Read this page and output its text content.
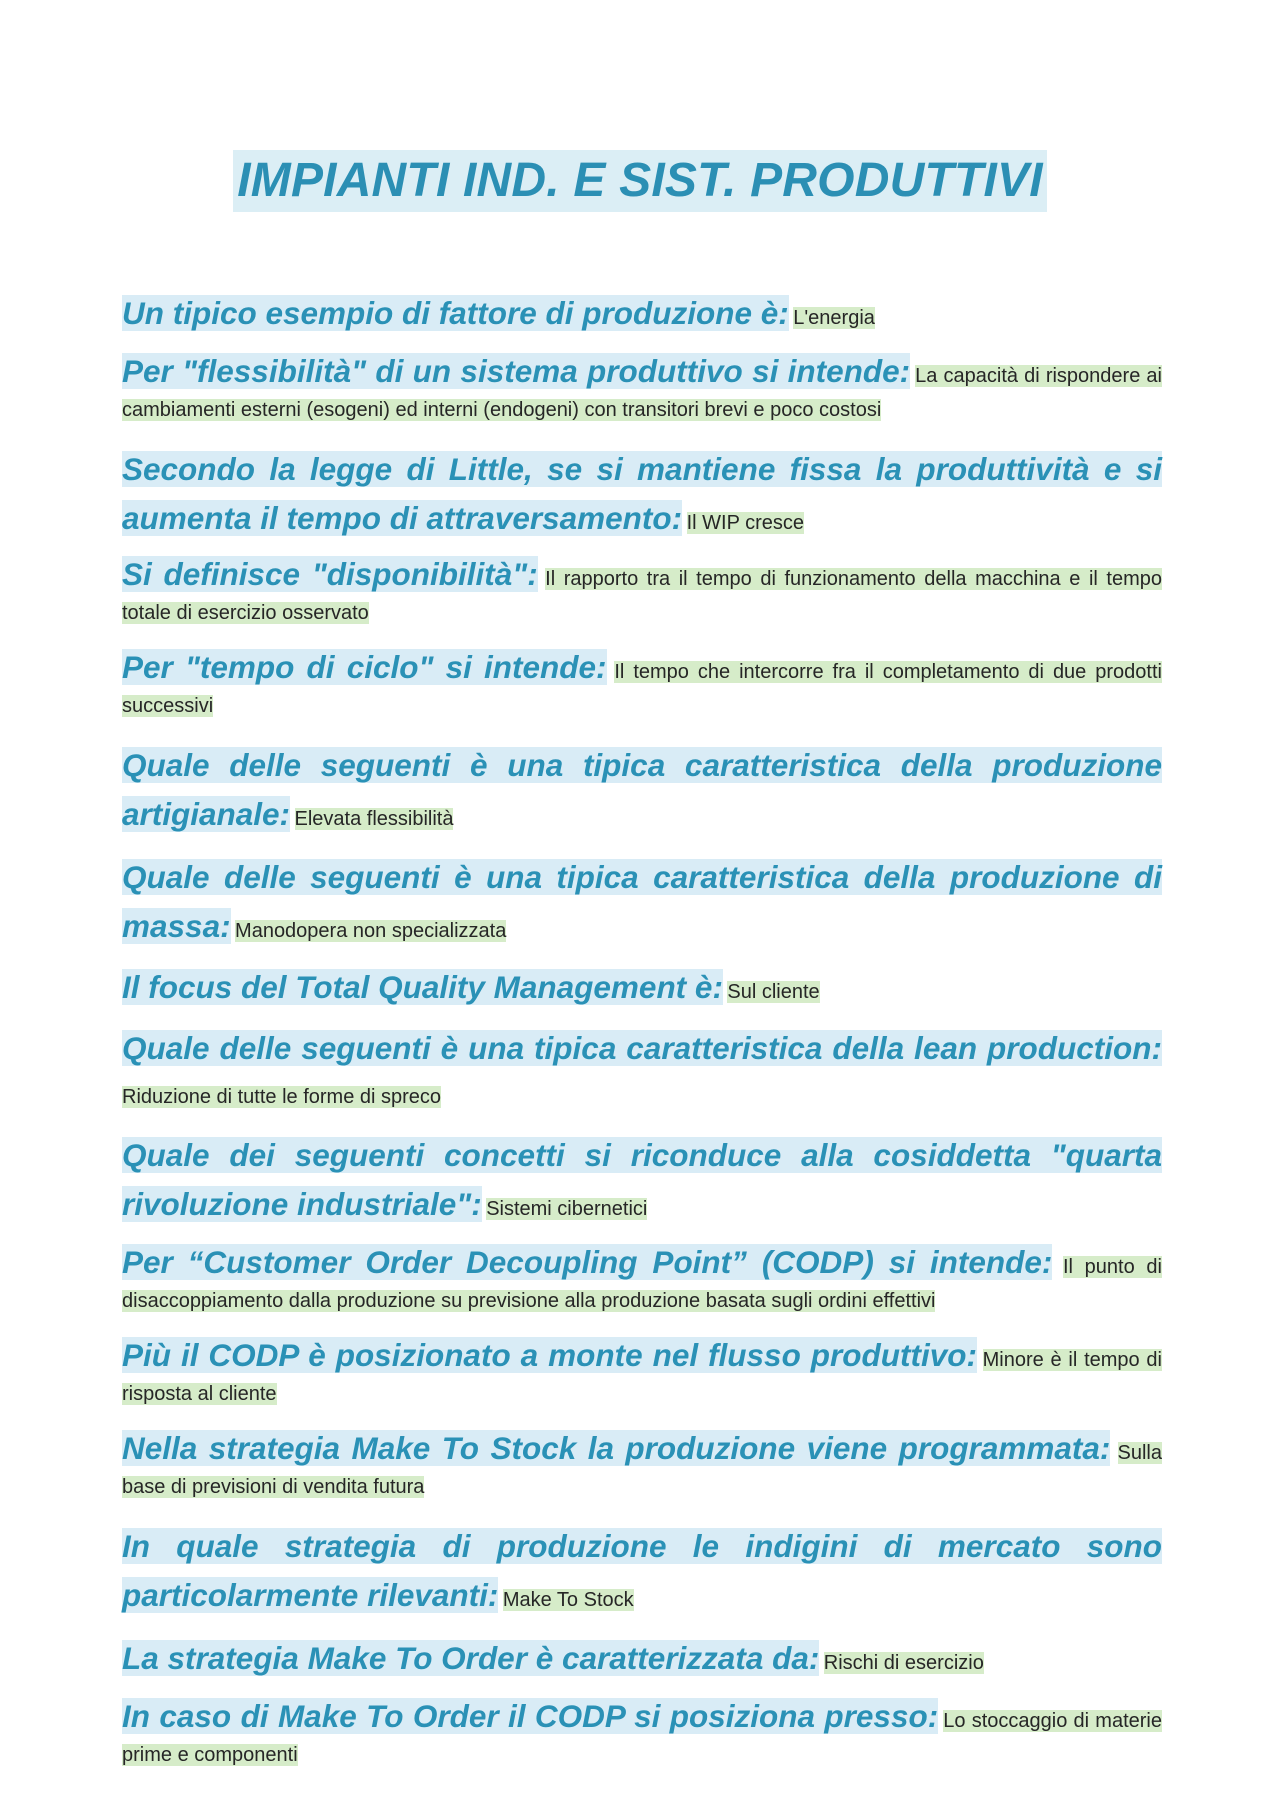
IMPIANTI IND. E SIST. PRODUTTIVI
Un tipico esempio di fattore di produzione è: L'energia
Per "flessibilità" di un sistema produttivo si intende: La capacità di rispondere ai cambiamenti esterni (esogeni) ed interni (endogeni) con transitori brevi e poco costosi
Secondo la legge di Little, se si mantiene fissa la produttività e si aumenta il tempo di attraversamento: Il WIP cresce
Si definisce "disponibilità": Il rapporto tra il tempo di funzionamento della macchina e il tempo totale di esercizio osservato
Per "tempo di ciclo" si intende: Il tempo che intercorre fra il completamento di due prodotti successivi
Quale delle seguenti è una tipica caratteristica della produzione artigianale: Elevata flessibilità
Quale delle seguenti è una tipica caratteristica della produzione di massa: Manodopera non specializzata
Il focus del Total Quality Management è: Sul cliente
Quale delle seguenti è una tipica caratteristica della lean production: Riduzione di tutte le forme di spreco
Quale dei seguenti concetti si riconduce alla cosiddetta "quarta rivoluzione industriale": Sistemi cibernetici
Per “Customer Order Decoupling Point” (CODP) si intende: Il punto di disaccoppiamento dalla produzione su previsione alla produzione basata sugli ordini effettivi
Più il CODP è posizionato a monte nel flusso produttivo: Minore è il tempo di risposta al cliente
Nella strategia Make To Stock la produzione viene programmata: Sulla base di previsioni di vendita futura
In quale strategia di produzione le indigini di mercato sono particolarmente rilevanti: Make To Stock
La strategia Make To Order è caratterizzata da: Rischi di esercizio
In caso di Make To Order il CODP si posiziona presso: Lo stoccaggio di materie prime e componenti
